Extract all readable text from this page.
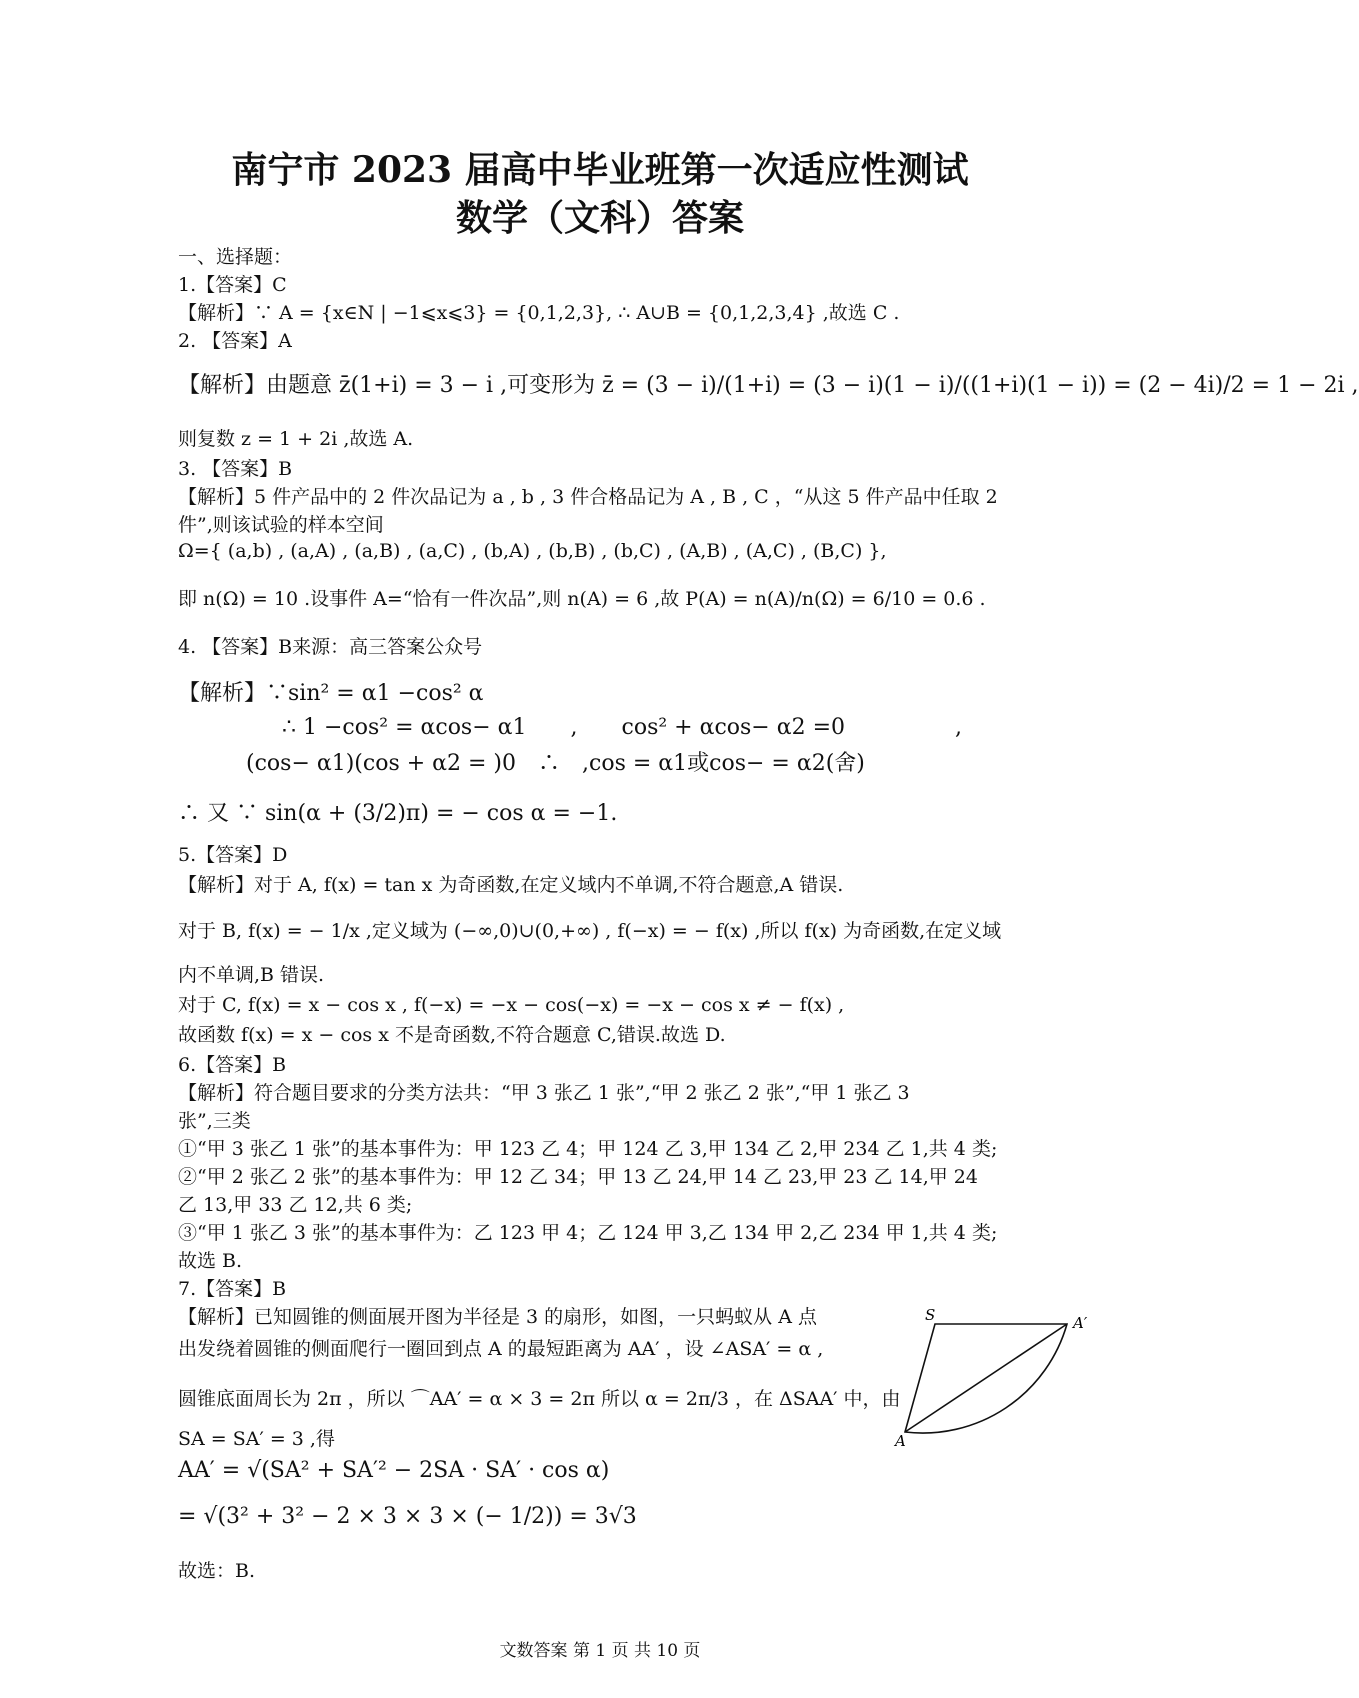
南宁市 2023 届高中毕业班第一次适应性测试
数学（文科）答案
一、选择题：
1.【答案】C
【解析】∵ A = {x∈N | −1⩽x⩽3} = {0,1,2,3}, ∴ A∪B = {0,1,2,3,4} ,故选 C .
2. 【答案】A
【解析】由题意 z̄(1+i) = 3 − i ,可变形为 z̄ = (3 − i)/(1+i) = (3 − i)(1 − i)/((1+i)(1 − i)) = (2 − 4i)/2 = 1 − 2i ,
则复数 z = 1 + 2i ,故选 A.
3. 【答案】B
【解析】5 件产品中的 2 件次品记为 a , b , 3 件合格品记为 A , B , C ，“从这 5 件产品中任取 2
件”,则该试验的样本空间
Ω={ (a,b) , (a,A) , (a,B) , (a,C) , (b,A) , (b,B) , (b,C) , (A,B) , (A,C) , (B,C) },
即 n(Ω) = 10 .设事件 A=“恰有一件次品”,则 n(A) = 6 ,故 P(A) = n(A)/n(Ω) = 6/10 = 0.6 .
4. 【答案】B来源：高三答案公众号
【解析】∵sin² = α1 −cos² α
∴ 1 −cos² = αcos− α1　　,　　cos² + αcos− α2 =0　　　　　,
(cos− α1)(cos + α2 = )0　∴　,cos = α1或cos− = α2(舍)
∴ 又 ∵ sin(α + (3/2)π) = − cos α = −1.
5.【答案】D
【解析】对于 A, f(x) = tan x 为奇函数,在定义域内不单调,不符合题意,A 错误.
对于 B, f(x) = − 1/x ,定义域为 (−∞,0)∪(0,+∞) , f(−x) = − f(x) ,所以 f(x) 为奇函数,在定义域
内不单调,B 错误.
对于 C, f(x) = x − cos x , f(−x) = −x − cos(−x) = −x − cos x ≠ − f(x) ,
故函数 f(x) = x − cos x 不是奇函数,不符合题意 C,错误.故选 D.
6.【答案】B
【解析】符合题目要求的分类方法共：“甲 3 张乙 1 张”,“甲 2 张乙 2 张”,“甲 1 张乙 3
张”,三类
①“甲 3 张乙 1 张”的基本事件为：甲 123 乙 4；甲 124 乙 3,甲 134 乙 2,甲 234 乙 1,共 4 类;
②“甲 2 张乙 2 张”的基本事件为：甲 12 乙 34；甲 13 乙 24,甲 14 乙 23,甲 23 乙 14,甲 24
乙 13,甲 33 乙 12,共 6 类;
③“甲 1 张乙 3 张”的基本事件为：乙 123 甲 4；乙 124 甲 3,乙 134 甲 2,乙 234 甲 1,共 4 类;
故选 B.
7.【答案】B
【解析】已知圆锥的侧面展开图为半径是 3 的扇形，如图，一只蚂蚁从 A 点
出发绕着圆锥的侧面爬行一圈回到点 A 的最短距离为 AA′ ，设 ∠ASA′ = α ,
圆锥底面周长为 2π ，所以 ⌒AA′ = α × 3 = 2π 所以 α = 2π/3 ，在 ΔSAA′ 中，由
SA = SA′ = 3 ,得
AA′ = √(SA² + SA′² − 2SA · SA′ · cos α)
= √(3² + 3² − 2 × 3 × 3 × (− 1/2)) = 3√3
故选：B.
S	A′
A
文数答案 第 1 页 共 10 页
